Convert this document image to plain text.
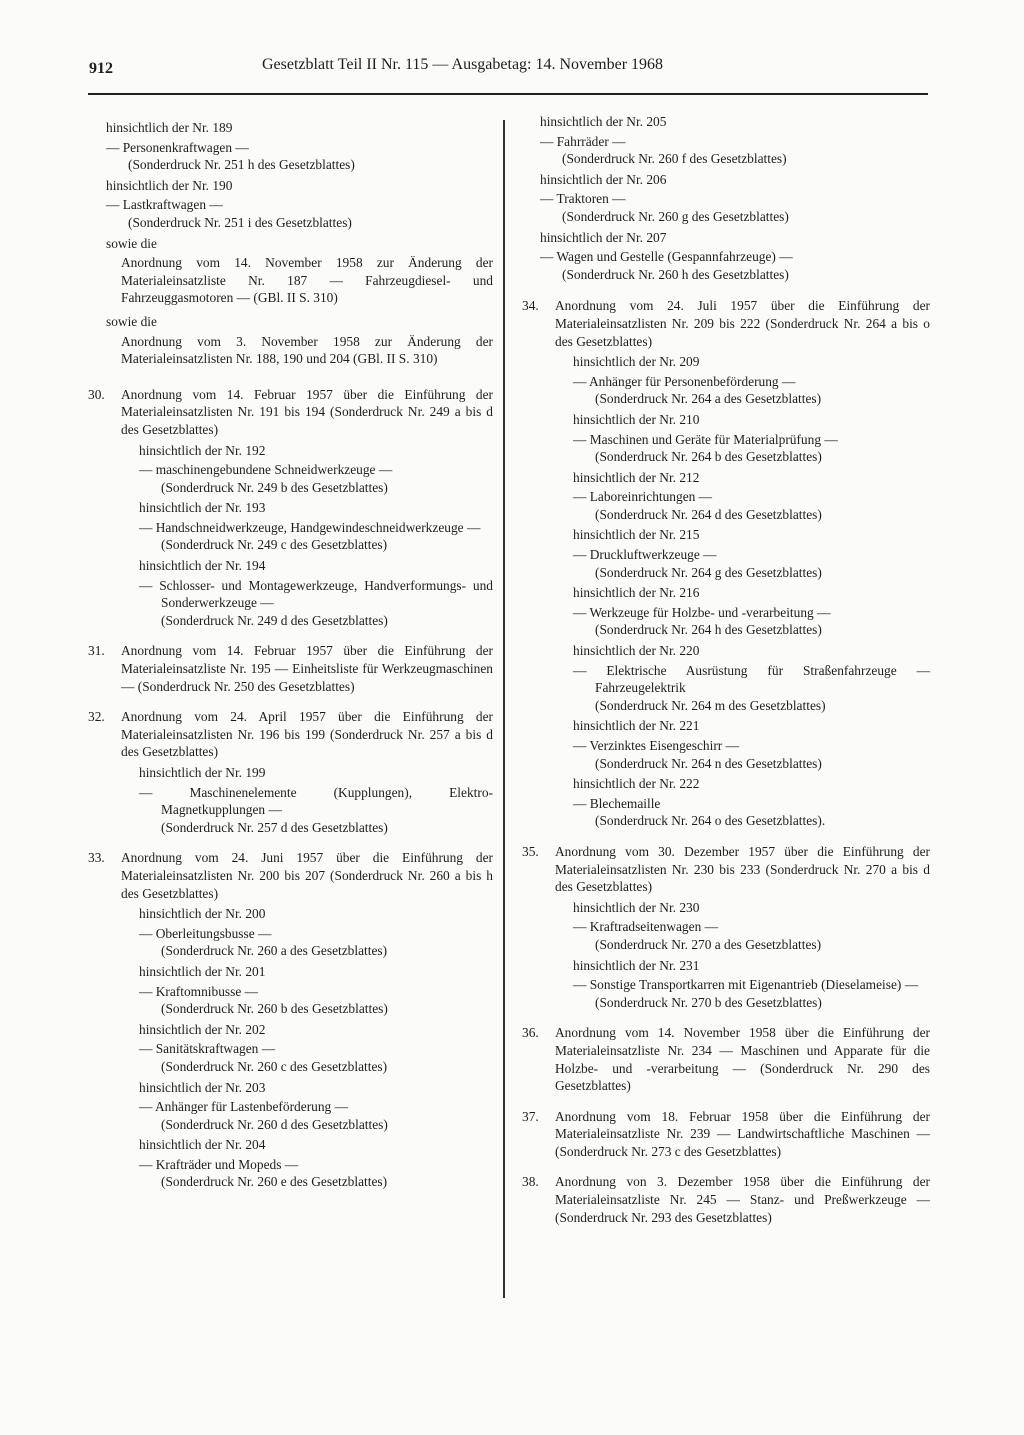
912	Gesetzblatt Teil II Nr. 115 — Ausgabetag: 14. November 1968

hinsichtlich der Nr. 189

— Personenkraftwagen —

(Sonderdruck Nr. 251 h des Gesetzblattes)

hinsichtlich der Nr. 190

— Lastkraftwagen —

(Sonderdruck Nr. 251 i des Gesetzblattes)

sowie die

Anordnung vom 14. November 1958 zur Änderung der Materialeinsatzliste Nr. 187 — Fahrzeugdiesel- und Fahrzeuggasmotoren — (GBl. II S. 310)

sowie die

Anordnung vom 3. November 1958 zur Änderung der Materialeinsatzlisten Nr. 188, 190 und 204 (GBl. II S. 310)

30. Anordnung vom 14. Februar 1957 über die Einführung der Materialeinsatzlisten Nr. 191 bis 194 (Sonderdruck Nr. 249 a bis d des Gesetzblattes)

hinsichtlich der Nr. 192

— maschinengebundene Schneidwerkzeuge —

(Sonderdruck Nr. 249 b des Gesetzblattes)

hinsichtlich der Nr. 193

— Handschneidwerkzeuge, Handgewindeschneidwerkzeuge —

(Sonderdruck Nr. 249 c des Gesetzblattes)

hinsichtlich der Nr. 194

— Schlosser- und Montagewerkzeuge, Handverformungs- und Sonderwerkzeuge —

(Sonderdruck Nr. 249 d des Gesetzblattes)

31. Anordnung vom 14. Februar 1957 über die Einführung der Materialeinsatzliste Nr. 195 — Einheitsliste für Werkzeugmaschinen — (Sonderdruck Nr. 250 des Gesetzblattes)

32. Anordnung vom 24. April 1957 über die Einführung der Materialeinsatzlisten Nr. 196 bis 199 (Sonderdruck Nr. 257 a bis d des Gesetzblattes)

hinsichtlich der Nr. 199

— Maschinenelemente (Kupplungen), Elektro-Magnetkupplungen —

(Sonderdruck Nr. 257 d des Gesetzblattes)

33. Anordnung vom 24. Juni 1957 über die Einführung der Materialeinsatzlisten Nr. 200 bis 207 (Sonderdruck Nr. 260 a bis h des Gesetzblattes)

hinsichtlich der Nr. 200

— Oberleitungsbusse —

(Sonderdruck Nr. 260 a des Gesetzblattes)

hinsichtlich der Nr. 201

— Kraftomnibusse —

(Sonderdruck Nr. 260 b des Gesetzblattes)

hinsichtlich der Nr. 202

— Sanitätskraftwagen —

(Sonderdruck Nr. 260 c des Gesetzblattes)

hinsichtlich der Nr. 203

— Anhänger für Lastenbeförderung —

(Sonderdruck Nr. 260 d des Gesetzblattes)

hinsichtlich der Nr. 204

— Krafträder und Mopeds —

(Sonderdruck Nr. 260 e des Gesetzblattes)

hinsichtlich der Nr. 205

— Fahrräder —

(Sonderdruck Nr. 260 f des Gesetzblattes)

hinsichtlich der Nr. 206

— Traktoren —

(Sonderdruck Nr. 260 g des Gesetzblattes)

hinsichtlich der Nr. 207

— Wagen und Gestelle (Gespannfahrzeuge) —

(Sonderdruck Nr. 260 h des Gesetzblattes)

34. Anordnung vom 24. Juli 1957 über die Einführung der Materialeinsatzlisten Nr. 209 bis 222 (Sonderdruck Nr. 264 a bis o des Gesetzblattes)

hinsichtlich der Nr. 209

— Anhänger für Personenbeförderung —

(Sonderdruck Nr. 264 a des Gesetzblattes)

hinsichtlich der Nr. 210

— Maschinen und Geräte für Materialprüfung —

(Sonderdruck Nr. 264 b des Gesetzblattes)

hinsichtlich der Nr. 212

— Laboreinrichtungen —

(Sonderdruck Nr. 264 d des Gesetzblattes)

hinsichtlich der Nr. 215

— Druckluftwerkzeuge —

(Sonderdruck Nr. 264 g des Gesetzblattes)

hinsichtlich der Nr. 216

— Werkzeuge für Holzbe- und -verarbeitung —

(Sonderdruck Nr. 264 h des Gesetzblattes)

hinsichtlich der Nr. 220

— Elektrische Ausrüstung für Straßenfahrzeuge — Fahrzeugelektrik

(Sonderdruck Nr. 264 m des Gesetzblattes)

hinsichtlich der Nr. 221

— Verzinktes Eisengeschirr —

(Sonderdruck Nr. 264 n des Gesetzblattes)

hinsichtlich der Nr. 222

— Blechemaille

(Sonderdruck Nr. 264 o des Gesetzblattes).

35. Anordnung vom 30. Dezember 1957 über die Einführung der Materialeinsatzlisten Nr. 230 bis 233 (Sonderdruck Nr. 270 a bis d des Gesetzblattes)

hinsichtlich der Nr. 230

— Kraftradseitenwagen —

(Sonderdruck Nr. 270 a des Gesetzblattes)

hinsichtlich der Nr. 231

— Sonstige Transportkarren mit Eigenantrieb (Dieselameise) —

(Sonderdruck Nr. 270 b des Gesetzblattes)

36. Anordnung vom 14. November 1958 über die Einführung der Materialeinsatzliste Nr. 234 — Maschinen und Apparate für die Holzbe- und -verarbeitung — (Sonderdruck Nr. 290 des Gesetzblattes)

37. Anordnung vom 18. Februar 1958 über die Einführung der Materialeinsatzliste Nr. 239 — Landwirtschaftliche Maschinen — (Sonderdruck Nr. 273 c des Gesetzblattes)

38. Anordnung von 3. Dezember 1958 über die Einführung der Materialeinsatzliste Nr. 245 — Stanz- und Preßwerkzeuge — (Sonderdruck Nr. 293 des Gesetzblattes)
